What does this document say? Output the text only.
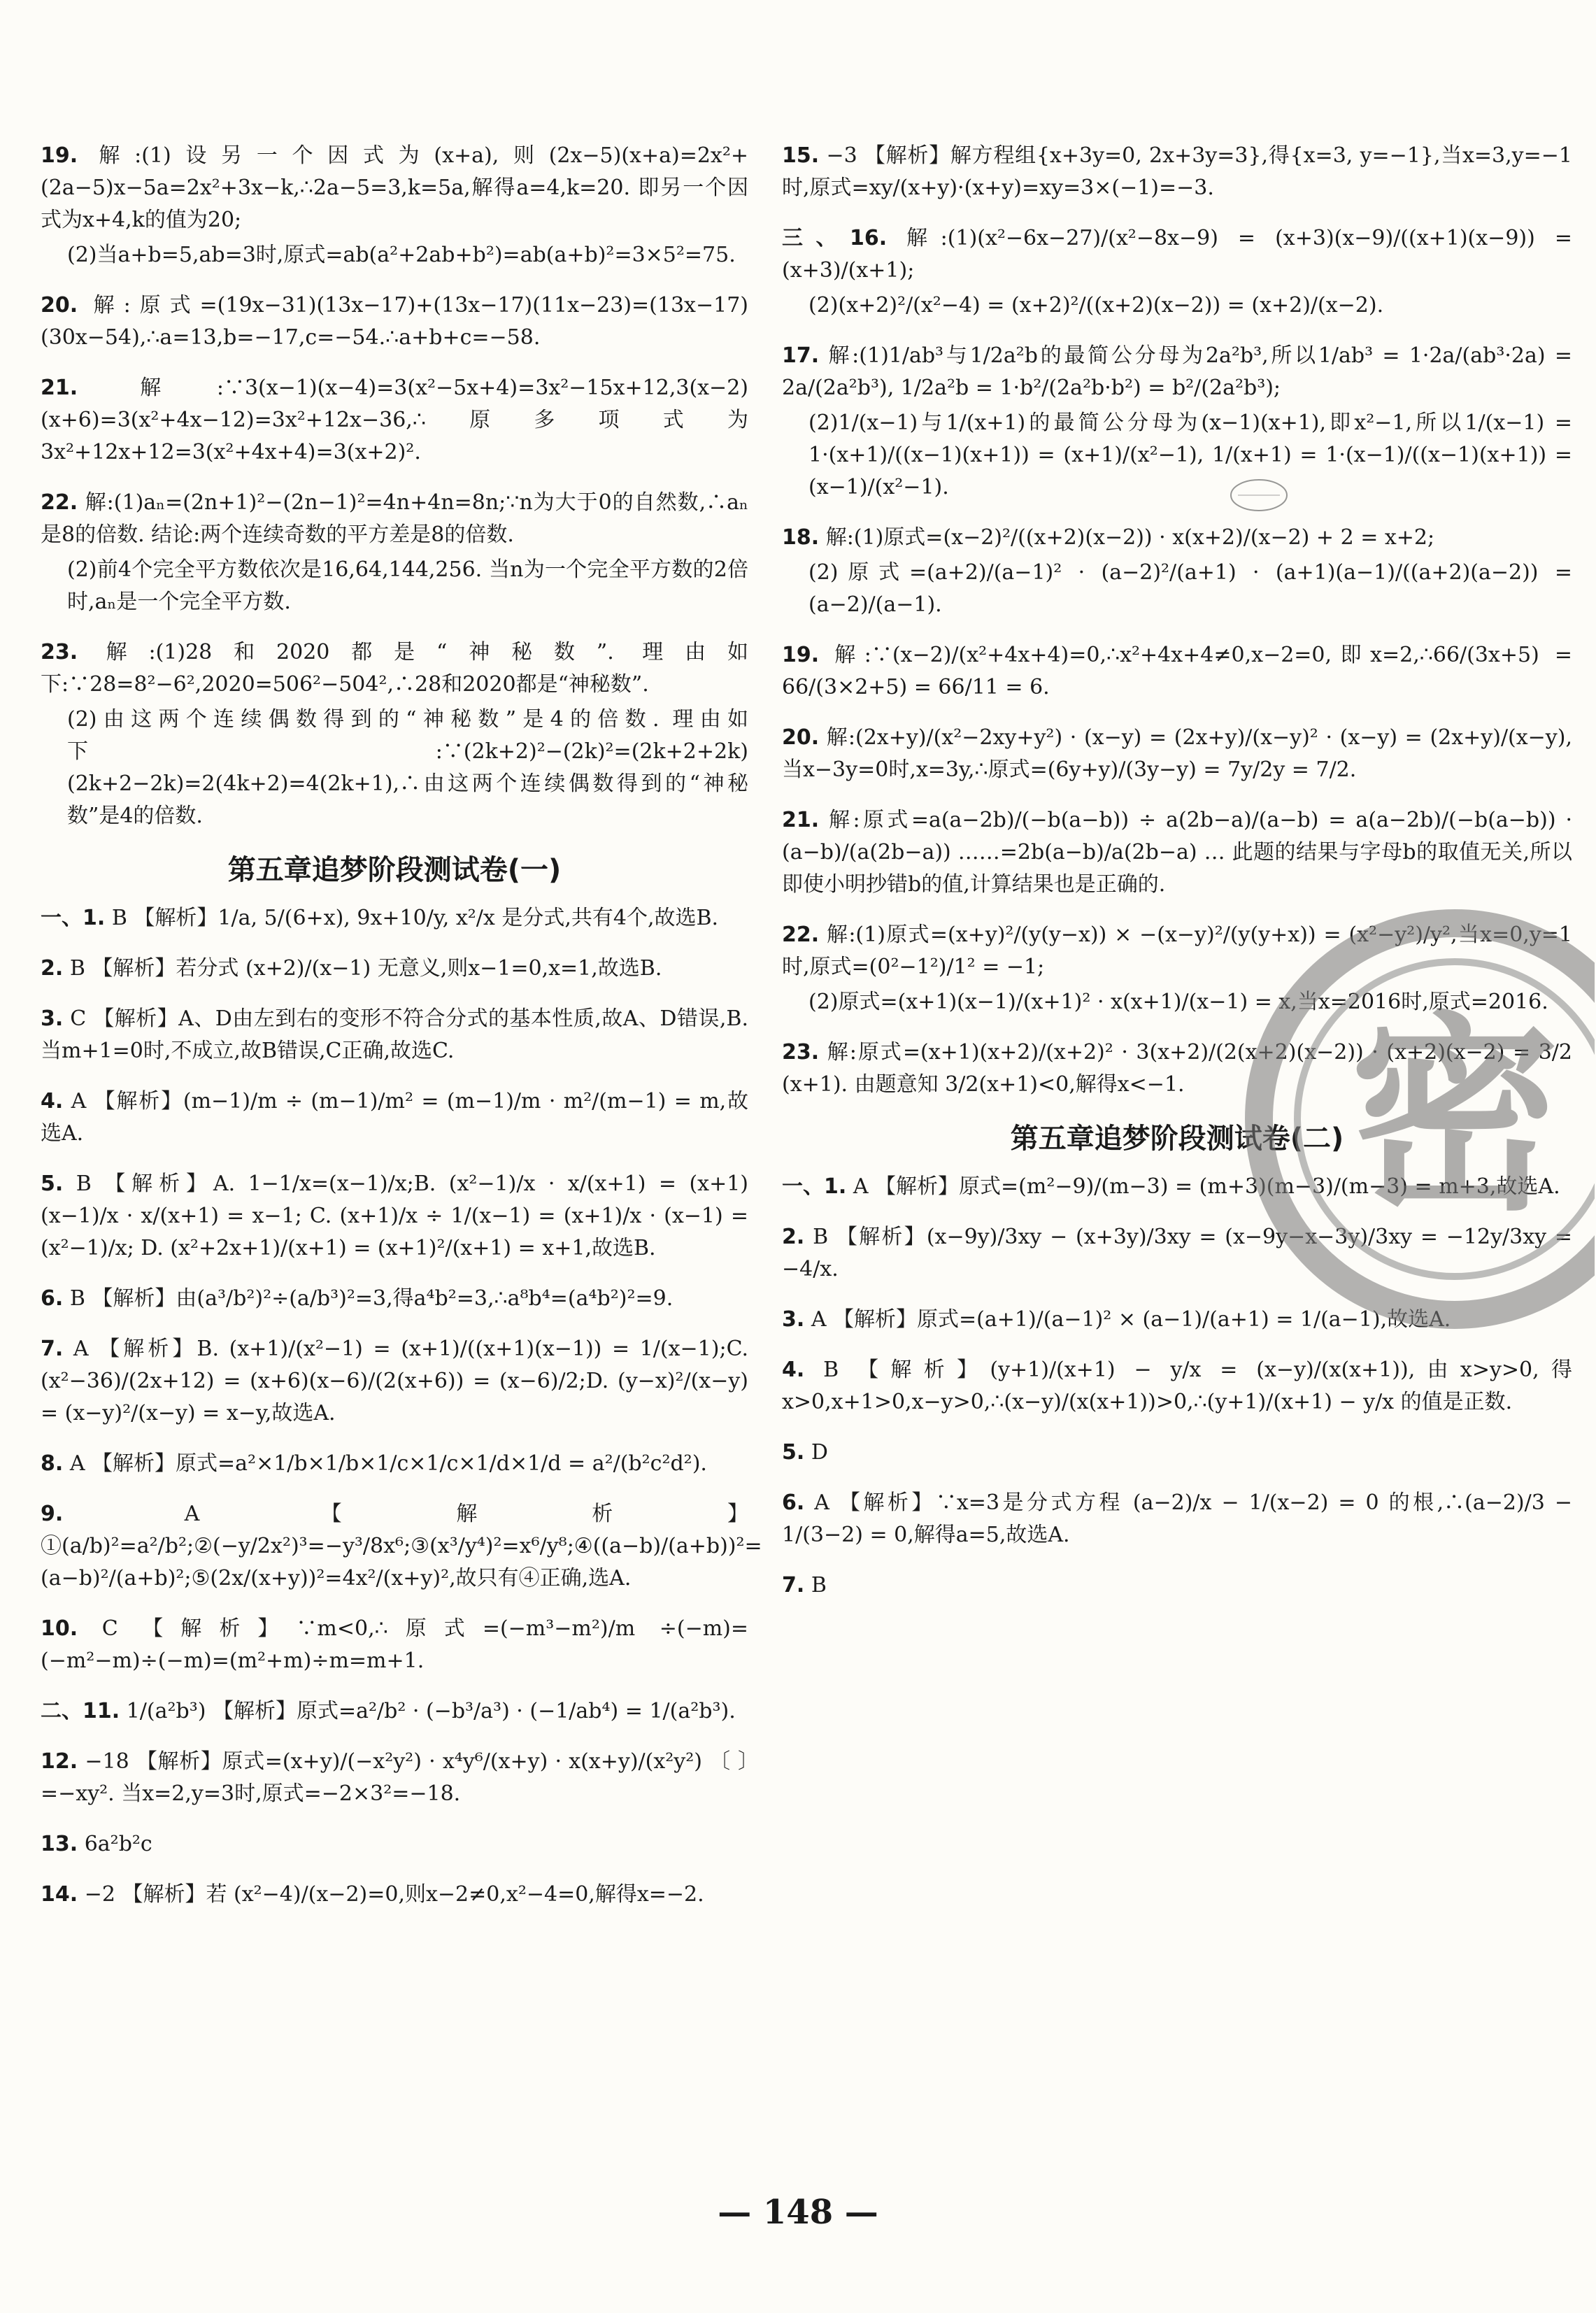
19. 解:(1)设另一个因式为(x+a),则(2x−5)(x+a)=2x²+(2a−5)x−5a=2x²+3x−k,∴2a−5=3,k=5a,解得a=4,k=20. 即另一个因式为x+4,k的值为20;

(2)当a+b=5,ab=3时,原式=ab(a²+2ab+b²)=ab(a+b)²=3×5²=75.

20. 解:原式=(19x−31)(13x−17)+(13x−17)(11x−23)=(13x−17)(30x−54),∴a=13,b=−17,c=−54.∴a+b+c=−58.

21.	解:∵3(x−1)(x−4)=3(x²−5x+4)=3x²−15x+12,3(x−2)(x+6)=3(x²+4x−12)=3x²+12x−36,∴原多项式为3x²+12x+12=3(x²+4x+4)=3(x+2)².

22. 解:(1)aₙ=(2n+1)²−(2n−1)²=4n+4n=8n;∵n为大于0的自然数,∴aₙ是8的倍数. 结论:两个连续奇数的平方差是8的倍数.

(2)前4个完全平方数依次是16,64,144,256. 当n为一个完全平方数的2倍时,aₙ是一个完全平方数.

23. 解:(1)28和2020都是“神秘数”. 理由如下:∵28=8²−6²,2020=506²−504²,∴28和2020都是“神秘数”.

(2)由这两个连续偶数得到的“神秘数”是4的倍数. 理由如下:∵(2k+2)²−(2k)²=(2k+2+2k)(2k+2−2k)=2(4k+2)=4(2k+1),∴由这两个连续偶数得到的“神秘数”是4的倍数.

第五章追梦阶段测试卷(一)

一、1. B 【解析】1/a, 5/(6+x), 9x+10/y, x²/x 是分式,共有4个,故选B.

2. B 【解析】若分式 (x+2)/(x−1) 无意义,则x−1=0,x=1,故选B.

3. C 【解析】A、D由左到右的变形不符合分式的基本性质,故A、D错误,B. 当m+1=0时,不成立,故B错误,C正确,故选C.

4. A 【解析】(m−1)/m ÷ (m−1)/m² = (m−1)/m · m²/(m−1) = m,故选A.

5. B 【解析】A. 1−1/x=(x−1)/x;B. (x²−1)/x · x/(x+1) = (x+1)(x−1)/x · x/(x+1) = x−1; C. (x+1)/x ÷ 1/(x−1) = (x+1)/x · (x−1) = (x²−1)/x; D. (x²+2x+1)/(x+1) = (x+1)²/(x+1) = x+1,故选B.

6. B 【解析】由(a³/b²)²÷(a/b³)²=3,得a⁴b²=3,∴a⁸b⁴=(a⁴b²)²=9.

7. A 【解析】B. (x+1)/(x²−1) = (x+1)/((x+1)(x−1)) = 1/(x−1);C. (x²−36)/(2x+12) = (x+6)(x−6)/(2(x+6)) = (x−6)/2;D. (y−x)²/(x−y) = (x−y)²/(x−y) = x−y,故选A.

8. A 【解析】原式=a²×1/b×1/b×1/c×1/c×1/d×1/d = a²/(b²c²d²).

9.	A 【解析】①(a/b)²=a²/b²;②(−y/2x²)³=−y³/8x⁶;③(x³/y⁴)²=x⁶/y⁸;④((a−b)/(a+b))²=(a−b)²/(a+b)²;⑤(2x/(x+y))²=4x²/(x+y)²,故只有④正确,选A.

10. C 【解析】∵m<0,∴原式=(−m³−m²)/m ÷(−m)=(−m²−m)÷(−m)=(m²+m)÷m=m+1.

二、11. 1/(a²b³) 【解析】原式=a²/b² · (−b³/a³) · (−1/ab⁴) = 1/(a²b³).

12. −18 【解析】原式=(x+y)/(−x²y²) · x⁴y⁶/(x+y) · x(x+y)/(x²y²) 〔 〕=−xy². 当x=2,y=3时,原式=−2×3²=−18.

13. 6a²b²c

14. −2 【解析】若 (x²−4)/(x−2)=0,则x−2≠0,x²−4=0,解得x=−2.

15. −3 【解析】解方程组{x+3y=0, 2x+3y=3},得{x=3, y=−1},当x=3,y=−1时,原式=xy/(x+y)·(x+y)=xy=3×(−1)=−3.

三、16. 解:(1)(x²−6x−27)/(x²−8x−9) = (x+3)(x−9)/((x+1)(x−9)) = (x+3)/(x+1);

(2)(x+2)²/(x²−4) = (x+2)²/((x+2)(x−2)) = (x+2)/(x−2).

17. 解:(1)1/ab³与1/2a²b的最简公分母为2a²b³,所以1/ab³ = 1·2a/(ab³·2a) = 2a/(2a²b³), 1/2a²b = 1·b²/(2a²b·b²) = b²/(2a²b³);

(2)1/(x−1)与1/(x+1)的最简公分母为(x−1)(x+1),即x²−1,所以1/(x−1) = 1·(x+1)/((x−1)(x+1)) = (x+1)/(x²−1), 1/(x+1) = 1·(x−1)/((x−1)(x+1)) = (x−1)/(x²−1).

18. 解:(1)原式=(x−2)²/((x+2)(x−2)) · x(x+2)/(x−2) + 2 = x+2;

(2)原式=(a+2)/(a−1)² · (a−2)²/(a+1) · (a+1)(a−1)/((a+2)(a−2)) = (a−2)/(a−1).

19. 解:∵(x−2)/(x²+4x+4)=0,∴x²+4x+4≠0,x−2=0,即x=2,∴66/(3x+5) = 66/(3×2+5) = 66/11 = 6.

20. 解:(2x+y)/(x²−2xy+y²) · (x−y) = (2x+y)/(x−y)² · (x−y) = (2x+y)/(x−y),当x−3y=0时,x=3y,∴原式=(6y+y)/(3y−y) = 7y/2y = 7/2.

21. 解:原式=a(a−2b)/(−b(a−b)) ÷ a(2b−a)/(a−b) = a(a−2b)/(−b(a−b)) · (a−b)/(a(2b−a)) ……=2b(a−b)/a(2b−a) … 此题的结果与字母b的取值无关,所以即使小明抄错b的值,计算结果也是正确的.

22. 解:(1)原式=(x+y)²/(y(y−x)) × −(x−y)²/(y(y+x)) = (x²−y²)/y²,当x=0,y=1时,原式=(0²−1²)/1² = −1;

(2)原式=(x+1)(x−1)/(x+1)² · x(x+1)/(x−1) = x,当x=2016时,原式=2016.

23. 解:原式=(x+1)(x+2)/(x+2)² · 3(x+2)/(2(x+2)(x−2)) · (x+2)(x−2) = 3/2 (x+1). 由题意知 3/2(x+1)<0,解得x<−1.

第五章追梦阶段测试卷(二)

一、1. A 【解析】原式=(m²−9)/(m−3) = (m+3)(m−3)/(m−3) = m+3,故选A.

2. B 【解析】(x−9y)/3xy − (x+3y)/3xy = (x−9y−x−3y)/3xy = −12y/3xy = −4/x.

3. A 【解析】原式=(a+1)/(a−1)² × (a−1)/(a+1) = 1/(a−1),故选A.

4. B 【解析】(y+1)/(x+1) − y/x = (x−y)/(x(x+1)),由x>y>0,得x>0,x+1>0,x−y>0,∴(x−y)/(x(x+1))>0,∴(y+1)/(x+1) − y/x 的值是正数.

5. D

6. A 【解析】∵x=3是分式方程 (a−2)/x − 1/(x−2) = 0 的根,∴(a−2)/3 − 1/(3−2) = 0,解得a=5,故选A.

7. B

密
— 148 —
